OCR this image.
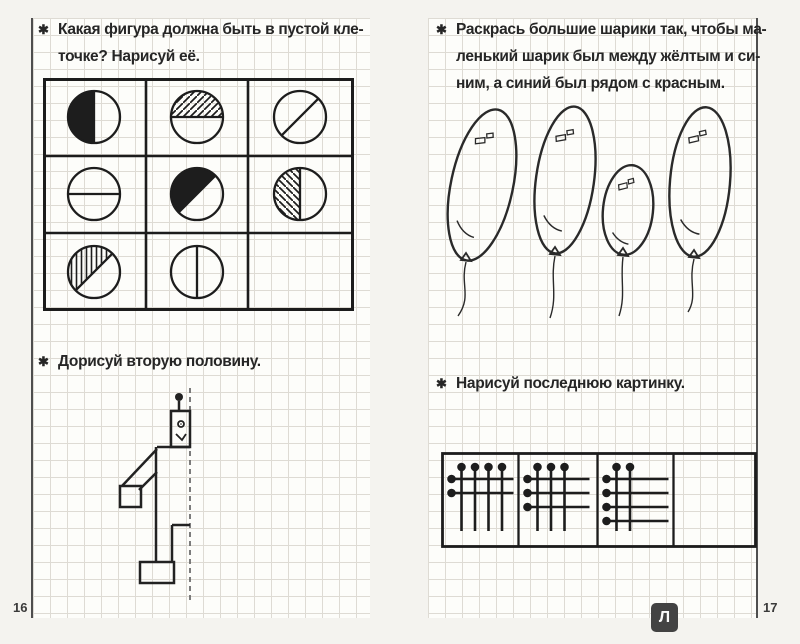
✱ Какая фигура должна быть в пустой кле-
точке? Нарисуй её.
✱ Дорисуй вторую половину.
✱ Раскрась большие шарики так, чтобы ма-
ленький шарик был между жёлтым и си-
ним, а синий был рядом с красным.
✱ Нарисуй последнюю картинку.
16	17
Л
